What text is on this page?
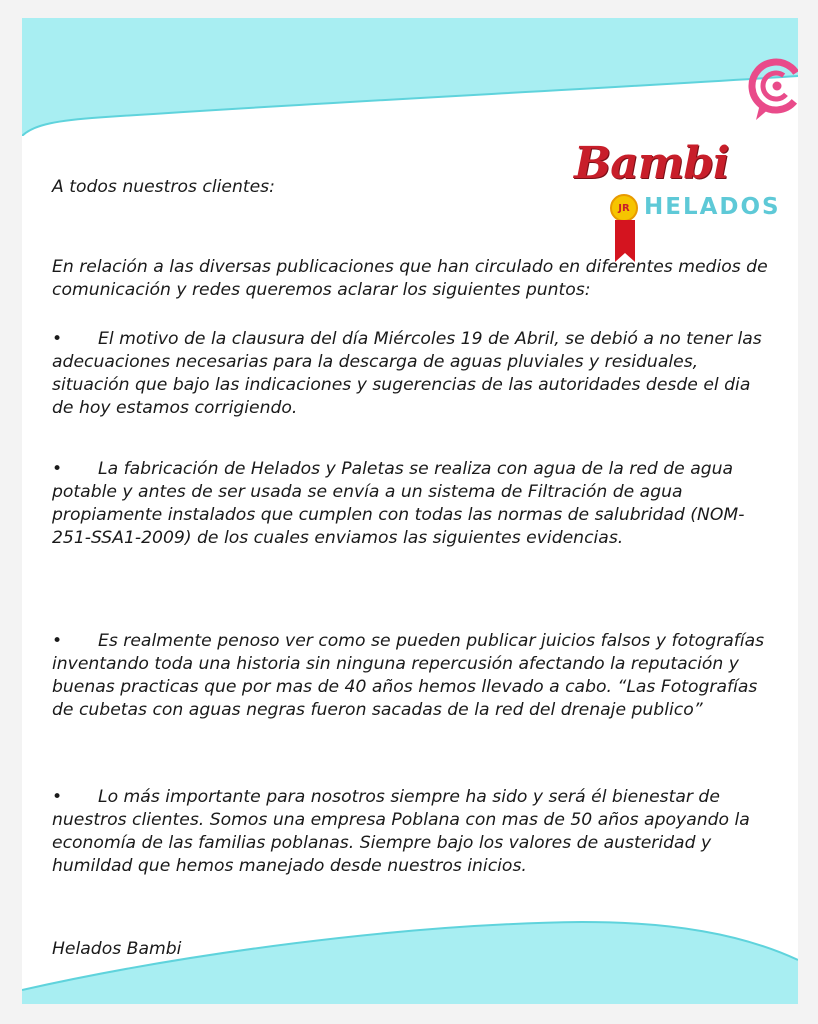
Bambi
JR HELADOS
A todos nuestros clientes:
En relación a las diversas publicaciones que han circulado en diferentes medios de comunicación y redes queremos aclarar los siguientes puntos:
• El motivo de la clausura del día Miércoles 19 de Abril, se debió a no tener las adecuaciones necesarias para la descarga de aguas pluviales y residuales, situación que bajo las indicaciones y sugerencias de las autoridades desde el dia de hoy estamos corrigiendo.
• La fabricación de Helados y Paletas se realiza con agua de la red de agua potable y antes de ser usada se envía a un sistema de Filtración de agua propiamente instalados que cumplen con todas las normas de salubridad (NOM-251-SSA1-2009) de los cuales enviamos las siguientes evidencias.
• Es realmente penoso ver como se pueden publicar juicios falsos y fotografías inventando toda una historia sin ninguna repercusión afectando la reputación y buenas practicas que por mas de 40 años hemos llevado a cabo. “Las Fotografías de cubetas con aguas negras fueron sacadas de la red del drenaje publico”
• Lo más importante para nosotros siempre ha sido y será él bienestar de nuestros clientes. Somos una empresa Poblana con mas de 50 años apoyando la economía de las familias poblanas. Siempre bajo los valores de austeridad y humildad que hemos manejado desde nuestros inicios.
Helados Bambi
